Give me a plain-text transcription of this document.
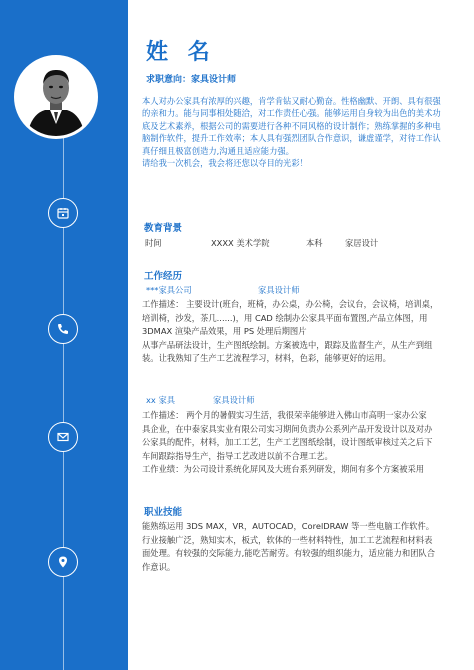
姓 名
求职意向：家具设计师
本人对办公家具有浓厚的兴趣，肯学肯钻又耐心勤奋。性格幽默、开朗、具有很强
的亲和力。能与同事相处随洽，对工作责任心强。能够运用自身较为出色的美术功
底及艺术素养，根据公司的需要进行各种不同风格的设计制作；熟练掌握的多种电
脑制作软件，提升工作效率；本人具有强烈团队合作意识，谦虚谨学，对待工作认
真仔细且极富创造力,沟通且适应能力强。
请给我一次机会，我会将还您以夺目的光彩！
教育背景
时间	XXXX 美术学院	本科	家居设计
工作经历
***家具公司	家具设计师
工作描述： 主要设计(班台，班椅，办公桌，办公椅，会议台，会议椅，培训桌，
培训椅，沙发，茶几......)，用 CAD 绘制办公家具平面布置图,产品立体图，用
3DMAX 渲染产品效果，用 PS 处理后期图片
从事产品研法设计，生产图纸绘制。方案被选中，跟踪及监督生产，从生产到组
装。让我熟知了生产工艺流程学习，材料，色彩，能够更好的运用。
xx 家具	家具设计师
工作描述： 两个月的暑假实习生活，我很荣幸能够进入佛山市高明一家办公家
具企业，在中泰家具实业有限公司实习期间负责办公系列产品开发设计以及对办
公家具的配件，材料，加工工艺，生产工艺图纸绘制，设计图纸审核过关之后下
车间跟踪指导生产，指导工艺改进以前不合理工艺。
工作业绩：为公司设计系统化屏风及大班台系列研发，期间有多个方案被采用
职业技能
能熟练运用 3DS MAX，VR，AUTOCAD，CorelDRAW 等一些电脑工作软件。
行业接触广泛，熟知实木，板式，软体的一些材料特性，加工工艺流程和材料表
面处理。有较强的交际能力,能吃苦耐劳。有较强的组织能力，适应能力和团队合
作意识。
